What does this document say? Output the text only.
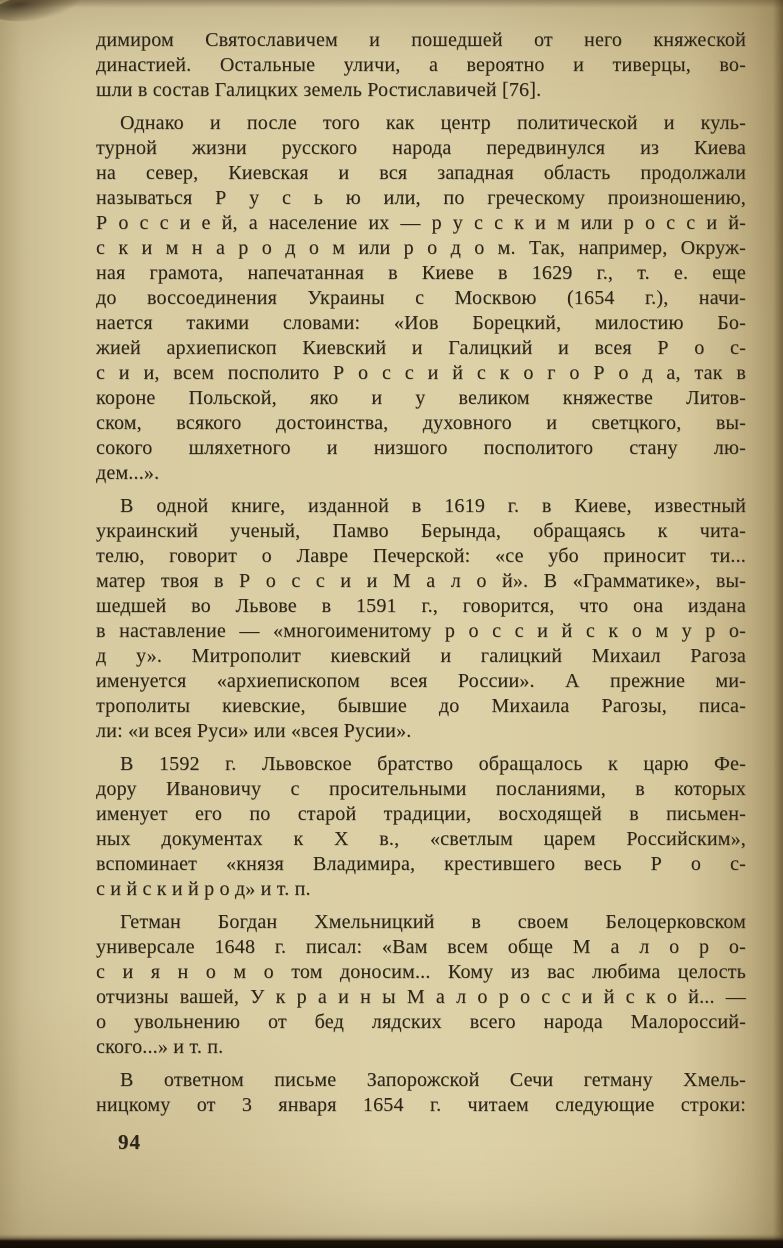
димиром Святославичем и пошедшей от него княжеской
династией. Остальные уличи, а вероятно и тиверцы, во-
шли в состав Галицких земель Ростиславичей [76].
Однако и после того как центр политической и куль-
турной жизни русского народа передвинулся из Киева
на север, Киевская и вся западная область продолжали
называться Р у с ь ю или, по греческому произношению,
Р о с с и е й, а население их — р у с с к и м или р о с с и й-
с к и м н а р о д о м или р о д о м. Так, например, Окруж-
ная грамота, напечатанная в Киеве в 1629 г., т. е. еще
до воссоединения Украины с Москвою (1654 г.), начи-
нается такими словами: «Иов Борецкий, милостию Бо-
жией архиепископ Киевский и Галицкий и всея Р о с-
с и и, всем посполито Р о с с и й с к о г о Р о д а, так в
короне Польской, яко и у великом княжестве Литов-
ском, всякого достоинства, духовного и светцкого, вы-
сокого шляхетного и низшого посполитого стану лю-
дем...».
В одной книге, изданной в 1619 г. в Киеве, известный
украинский ученый, Памво Берында, обращаясь к чита-
телю, говорит о Лавре Печерской: «се убо приносит ти...
матер твоя в Р о с с и и М а л о й». В «Грамматике», вы-
шедшей во Львове в 1591 г., говорится, что она издана
в наставление — «многоименитому р о с с и й с к о м у р о-
д у». Митрополит киевский и галицкий Михаил Рагоза
именуется «архиепископом всея России». А прежние ми-
трополиты киевские, бывшие до Михаила Рагозы, писа-
ли: «и всея Руси» или «всея Русии».
В 1592 г. Львовское братство обращалось к царю Фе-
дору Ивановичу с просительными посланиями, в которых
именует его по старой традиции, восходящей в письмен-
ных документах к X в., «светлым царем Российским»,
вспоминает «князя Владимира, крестившего весь Р о с-
с и й с к и й р о д» и т. п.
Гетман Богдан Хмельницкий в своем Белоцерковском
универсале 1648 г. писал: «Вам всем обще М а л о р о-
с и я н о м о том доносим... Кому из вас любима целость
отчизны вашей, У к р а и н ы М а л о р о с с и й с к о й... —
о увольнению от бед лядских всего народа Малороссий-
ского...» и т. п.
В ответном письме Запорожской Сечи гетману Хмель-
ницкому от 3 января 1654 г. читаем следующие строки:
94
